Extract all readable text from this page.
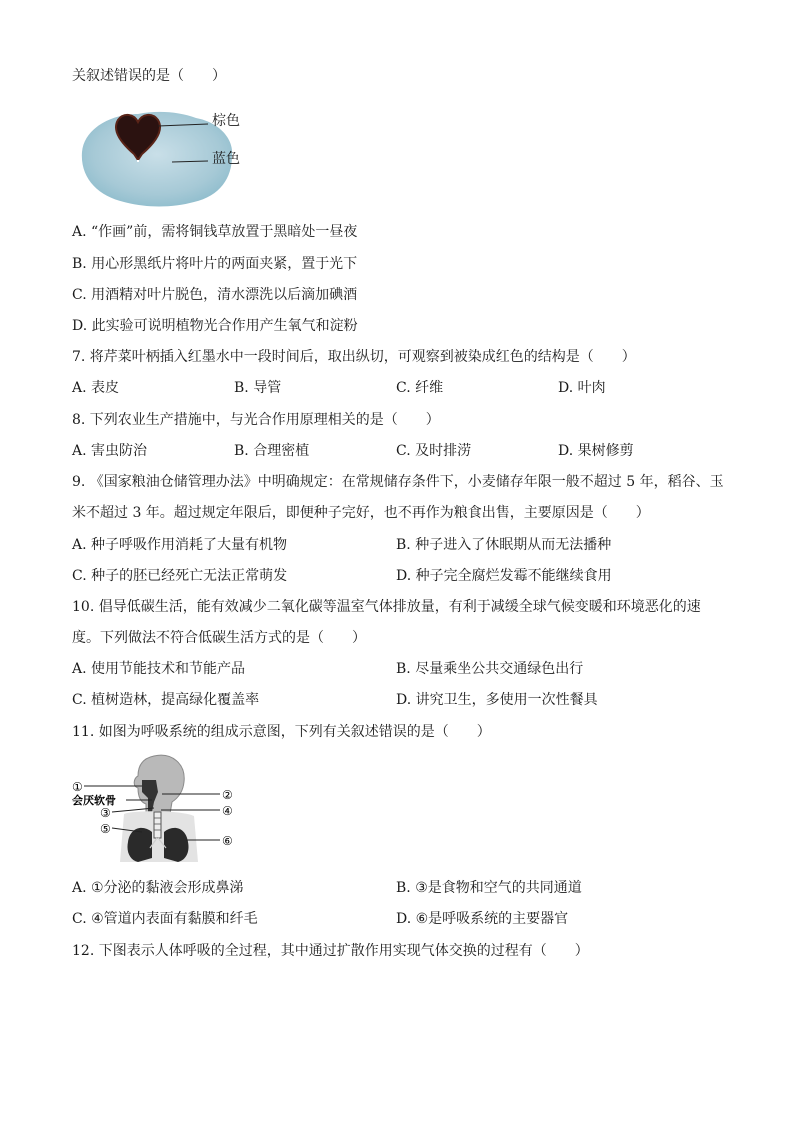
关叙述错误的是（　　）
棕色
蓝色
A. “作画”前，需将铜钱草放置于黑暗处一昼夜
B. 用心形黑纸片将叶片的两面夹紧，置于光下
C. 用酒精对叶片脱色，清水漂洗以后滴加碘酒
D. 此实验可说明植物光合作用产生氧气和淀粉
7. 将芹菜叶柄插入红墨水中一段时间后，取出纵切，可观察到被染成红色的结构是（　　）
A. 表皮	B. 导管	C. 纤维	D. 叶肉
8. 下列农业生产措施中，与光合作用原理相关的是（　　）
A. 害虫防治	B. 合理密植	C. 及时排涝	D. 果树修剪
9. 《国家粮油仓储管理办法》中明确规定：在常规储存条件下，小麦储存年限一般不超过 5 年，稻谷、玉
米不超过 3 年。超过规定年限后，即便种子完好，也不再作为粮食出售，主要原因是（　　）
A. 种子呼吸作用消耗了大量有机物	B. 种子进入了休眠期从而无法播种
C. 种子的胚已经死亡无法正常萌发	D. 种子完全腐烂发霉不能继续食用
10. 倡导低碳生活，能有效减少二氧化碳等温室气体排放量，有利于减缓全球气候变暖和环境恶化的速
度。下列做法不符合低碳生活方式的是（　　）
A. 使用节能技术和节能产品	B. 尽量乘坐公共交通绿色出行
C. 植树造林，提高绿化覆盖率	D. 讲究卫生，多使用一次性餐具
11. 如图为呼吸系统的组成示意图，下列有关叙述错误的是（　　）
①
会厌软骨	②
③	④
⑤
⑥
A. ①分泌的黏液会形成鼻涕	B. ③是食物和空气的共同通道
C. ④管道内表面有黏膜和纤毛	D. ⑥是呼吸系统的主要器官
12. 下图表示人体呼吸的全过程，其中通过扩散作用实现气体交换的过程有（　　）
